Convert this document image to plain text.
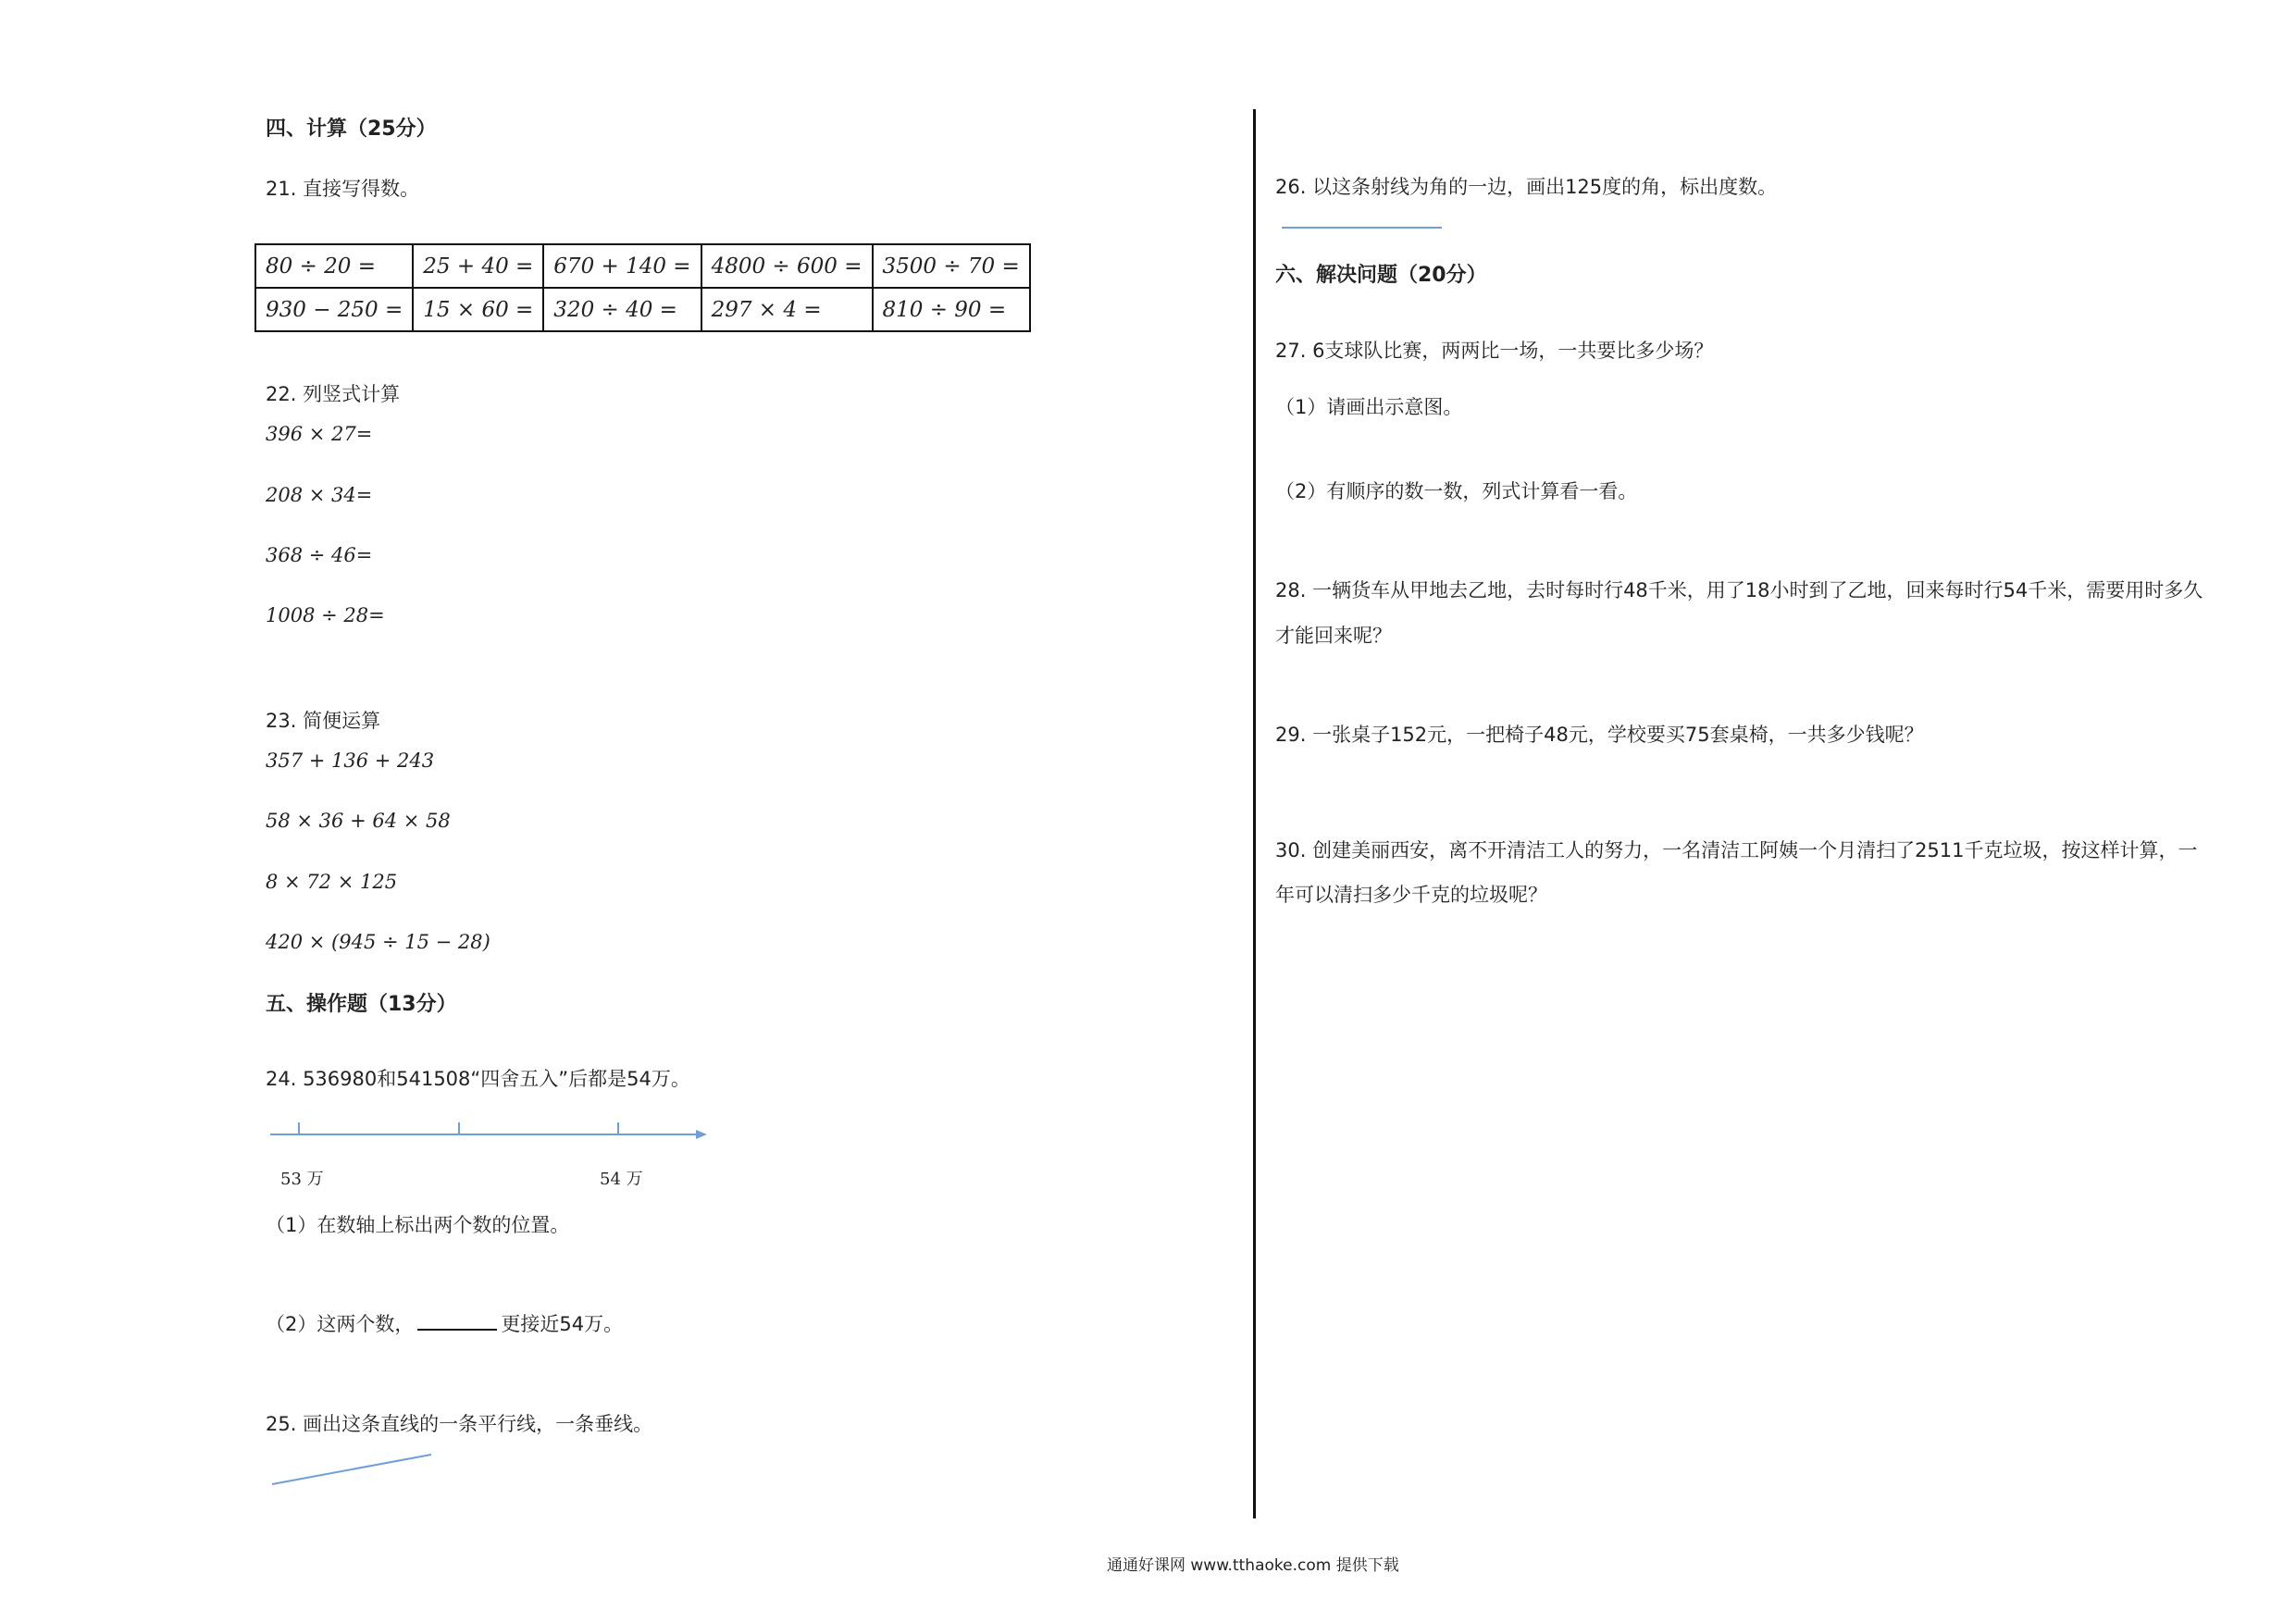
四、计算（25分）
21. 直接写得数。
80 ÷ 20 =	25 + 40 =	670 + 140 =	4800 ÷ 600 =	3500 ÷ 70 =
930 − 250 =	15 × 60 =	320 ÷ 40 =	297 × 4 =	810 ÷ 90 =
22. 列竖式计算
396 × 27=
208 × 34=
368 ÷ 46=
1008 ÷ 28=
23. 简便运算
357 + 136 + 243
58 × 36 + 64 × 58
8 × 72 × 125
420 × (945 ÷ 15 − 28)
五、操作题（13分）
24. 536980和541508“四舍五入”后都是54万。
53 万	54 万
（1）在数轴上标出两个数的位置。
（2）这两个数，	更接近54万。
25. 画出这条直线的一条平行线，一条垂线。
26. 以这条射线为角的一边，画出125度的角，标出度数。
六、解决问题（20分）
27. 6支球队比赛，两两比一场，一共要比多少场？
（1）请画出示意图。
（2）有顺序的数一数，列式计算看一看。
28. 一辆货车从甲地去乙地，去时每时行48千米，用了18小时到了乙地，回来每时行54千米，需要用时多久
才能回来呢？
29. 一张桌子152元，一把椅子48元，学校要买75套桌椅，一共多少钱呢？
30. 创建美丽西安，离不开清洁工人的努力，一名清洁工阿姨一个月清扫了2511千克垃圾，按这样计算，一
年可以清扫多少千克的垃圾呢？
通通好课网 www.tthaoke.com 提供下载
